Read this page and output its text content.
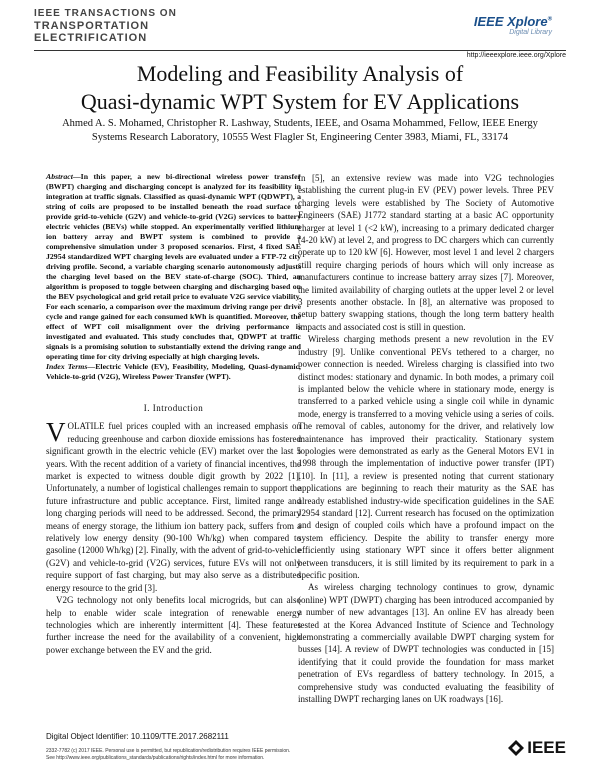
IEEE TRANSACTIONS ON
TRANSPORTATION
ELECTRIFICATION
IEEE Xplore®
Digital Library
http://ieeexplore.ieee.org/Xplore
Modeling and Feasibility Analysis of
Quasi-dynamic WPT System for EV Applications
Ahmed A. S. Mohamed, Christopher R. Lashway, Students, IEEE, and Osama Mohammed, Fellow, IEEE Energy
Systems Research Laboratory, 10555 West Flagler St, Engineering Center 3983, Miami, FL, 33174

Abstract—In this paper, a new bi-directional wireless power transfer (BWPT) charging and discharging concept is analyzed for its feasibility in integration at traffic signals. Classified as quasi-dynamic WPT (QDWPT), a string of coils are proposed to be installed beneath the road surface to provide grid-to-vehicle (G2V) and vehicle-to-grid (V2G) services to battery electric vehicles (BEVs) while stopped. An experimentally verified lithium ion battery array and BWPT system is combined to provide a comprehensive simulation under 3 proposed scenarios. First, 4 fixed SAE J2954 standardized WPT charging levels are evaluated under a FTP-72 city driving profile. Second, a variable charging scenario autonomously adjusts the charging level based on the BEV state-of-charge (SOC). Third, an algorithm is proposed to toggle between charging and discharging based on the BEV psychological and grid retail price to evaluate V2G service viability. For each scenario, a comparison over the maximum driving range per drive cycle and range gained for each consumed kWh is quantified. Moreover, the effect of WPT coil misalignment over the driving performance is investigated and evaluated. This study concludes that, QDWPT at traffic signals is a promising solution to substantially extend the driving range and operating time for city driving especially at high charging levels.

Index Terms—Electric Vehicle (EV), Feasibility, Modeling, Quasi-dynamic, Vehicle-to-grid (V2G), Wireless Power Transfer (WPT).

I. Introduction

VOLATILE fuel prices coupled with an increased emphasis on reducing greenhouse and carbon dioxide emissions has fostered significant growth in the electric vehicle (EV) market over the last 5 years. With the recent addition of a variety of financial incentives, the market is expected to witness double digit growth by 2022 [1]. Unfortunately, a number of logistical challenges remain to support the future infrastructure and public acceptance. First, limited range and long charging periods will need to be addressed. Second, the primary means of energy storage, the lithium ion battery pack, suffers from a relatively low energy density (90-100 Wh/kg) when compared to gasoline (12000 Wh/kg) [2]. Finally, with the advent of grid-to-vehicle (G2V) and vehicle-to-grid (V2G) services, future EVs will not only require support of fast charging, but may also serve as a distributed energy resource to the grid [3].

V2G technology not only benefits local microgrids, but can also help to enable wider scale integration of renewable energy technologies which are inherently intermittent [4]. These features further increase the need for the availability of a convenient, high power exchange between the EV and the grid.

In [5], an extensive review was made into V2G technologies establishing the current plug-in EV (PEV) power levels. Three PEV charging levels were established by The Society of Automotive Engineers (SAE) J1772 standard starting at a basic AC opportunity charger at level 1 (<2 kW), increasing to a primary dedicated charger (4-20 kW) at level 2, and progress to DC chargers which can currently operate up to 120 kW [6]. However, most level 1 and level 2 chargers still require charging periods of hours which will only increase as manufacturers continue to increase battery array sizes [7]. Moreover, the limited availability of charging outlets at the upper level 2 or level 3 presents another obstacle. In [8], an alternative was proposed to setup battery swapping stations, though the long term battery health impacts and associated cost is still in question.

Wireless charging methods present a new revolution in the EV industry [9]. Unlike conventional PEVs tethered to a charger, no power connection is needed. Wireless charging is classified into two distinct modes: stationary and dynamic. In both modes, a primary coil is implanted below the vehicle where in stationary mode, energy is transferred to a parked vehicle using a single coil while in dynamic mode, energy is transferred to a moving vehicle using a series of coils. The removal of cables, autonomy for the driver, and relatively low maintenance has improved their practicality. Stationary system topologies were demonstrated as early as the General Motors EV1 in 1998 through the implementation of inductive power transfer (IPT) [10]. In [11], a review is presented noting that current stationary applications are beginning to reach their maturity as the SAE has already established industry-wide specification guidelines in the SAE J2954 standard [12]. Current research has focused on the optimization and design of coupled coils which have a profound impact on the system efficiency. Despite the ability to transfer energy more efficiently using stationary WPT since it offers better alignment between transducers, it is still limited by its requirement to park in a specific position.

As wireless charging technology continues to grow, dynamic (online) WPT (DWPT) charging has been introduced accompanied by a number of new advantages [13]. An online EV has already been tested at the Korea Advanced Institute of Science and Technology demonstrating a commercially available DWPT charging system for busses [14]. A review of DWPT technologies was conducted in [15] identifying that it could provide the foundation for mass market penetration of EVs regardless of battery technology. In 2015, a comprehensive study was conducted evaluating the feasibility of installing DWPT recharging lanes on UK roadways [16].

Digital Object Identifier: 10.1109/TTE.2017.2682111
2332-7782 (c) 2017 IEEE. Personal use is permitted, but republication/redistribution requires IEEE permission.
See http://www.ieee.org/publications_standards/publications/rights/index.html for more information.
IEEE
